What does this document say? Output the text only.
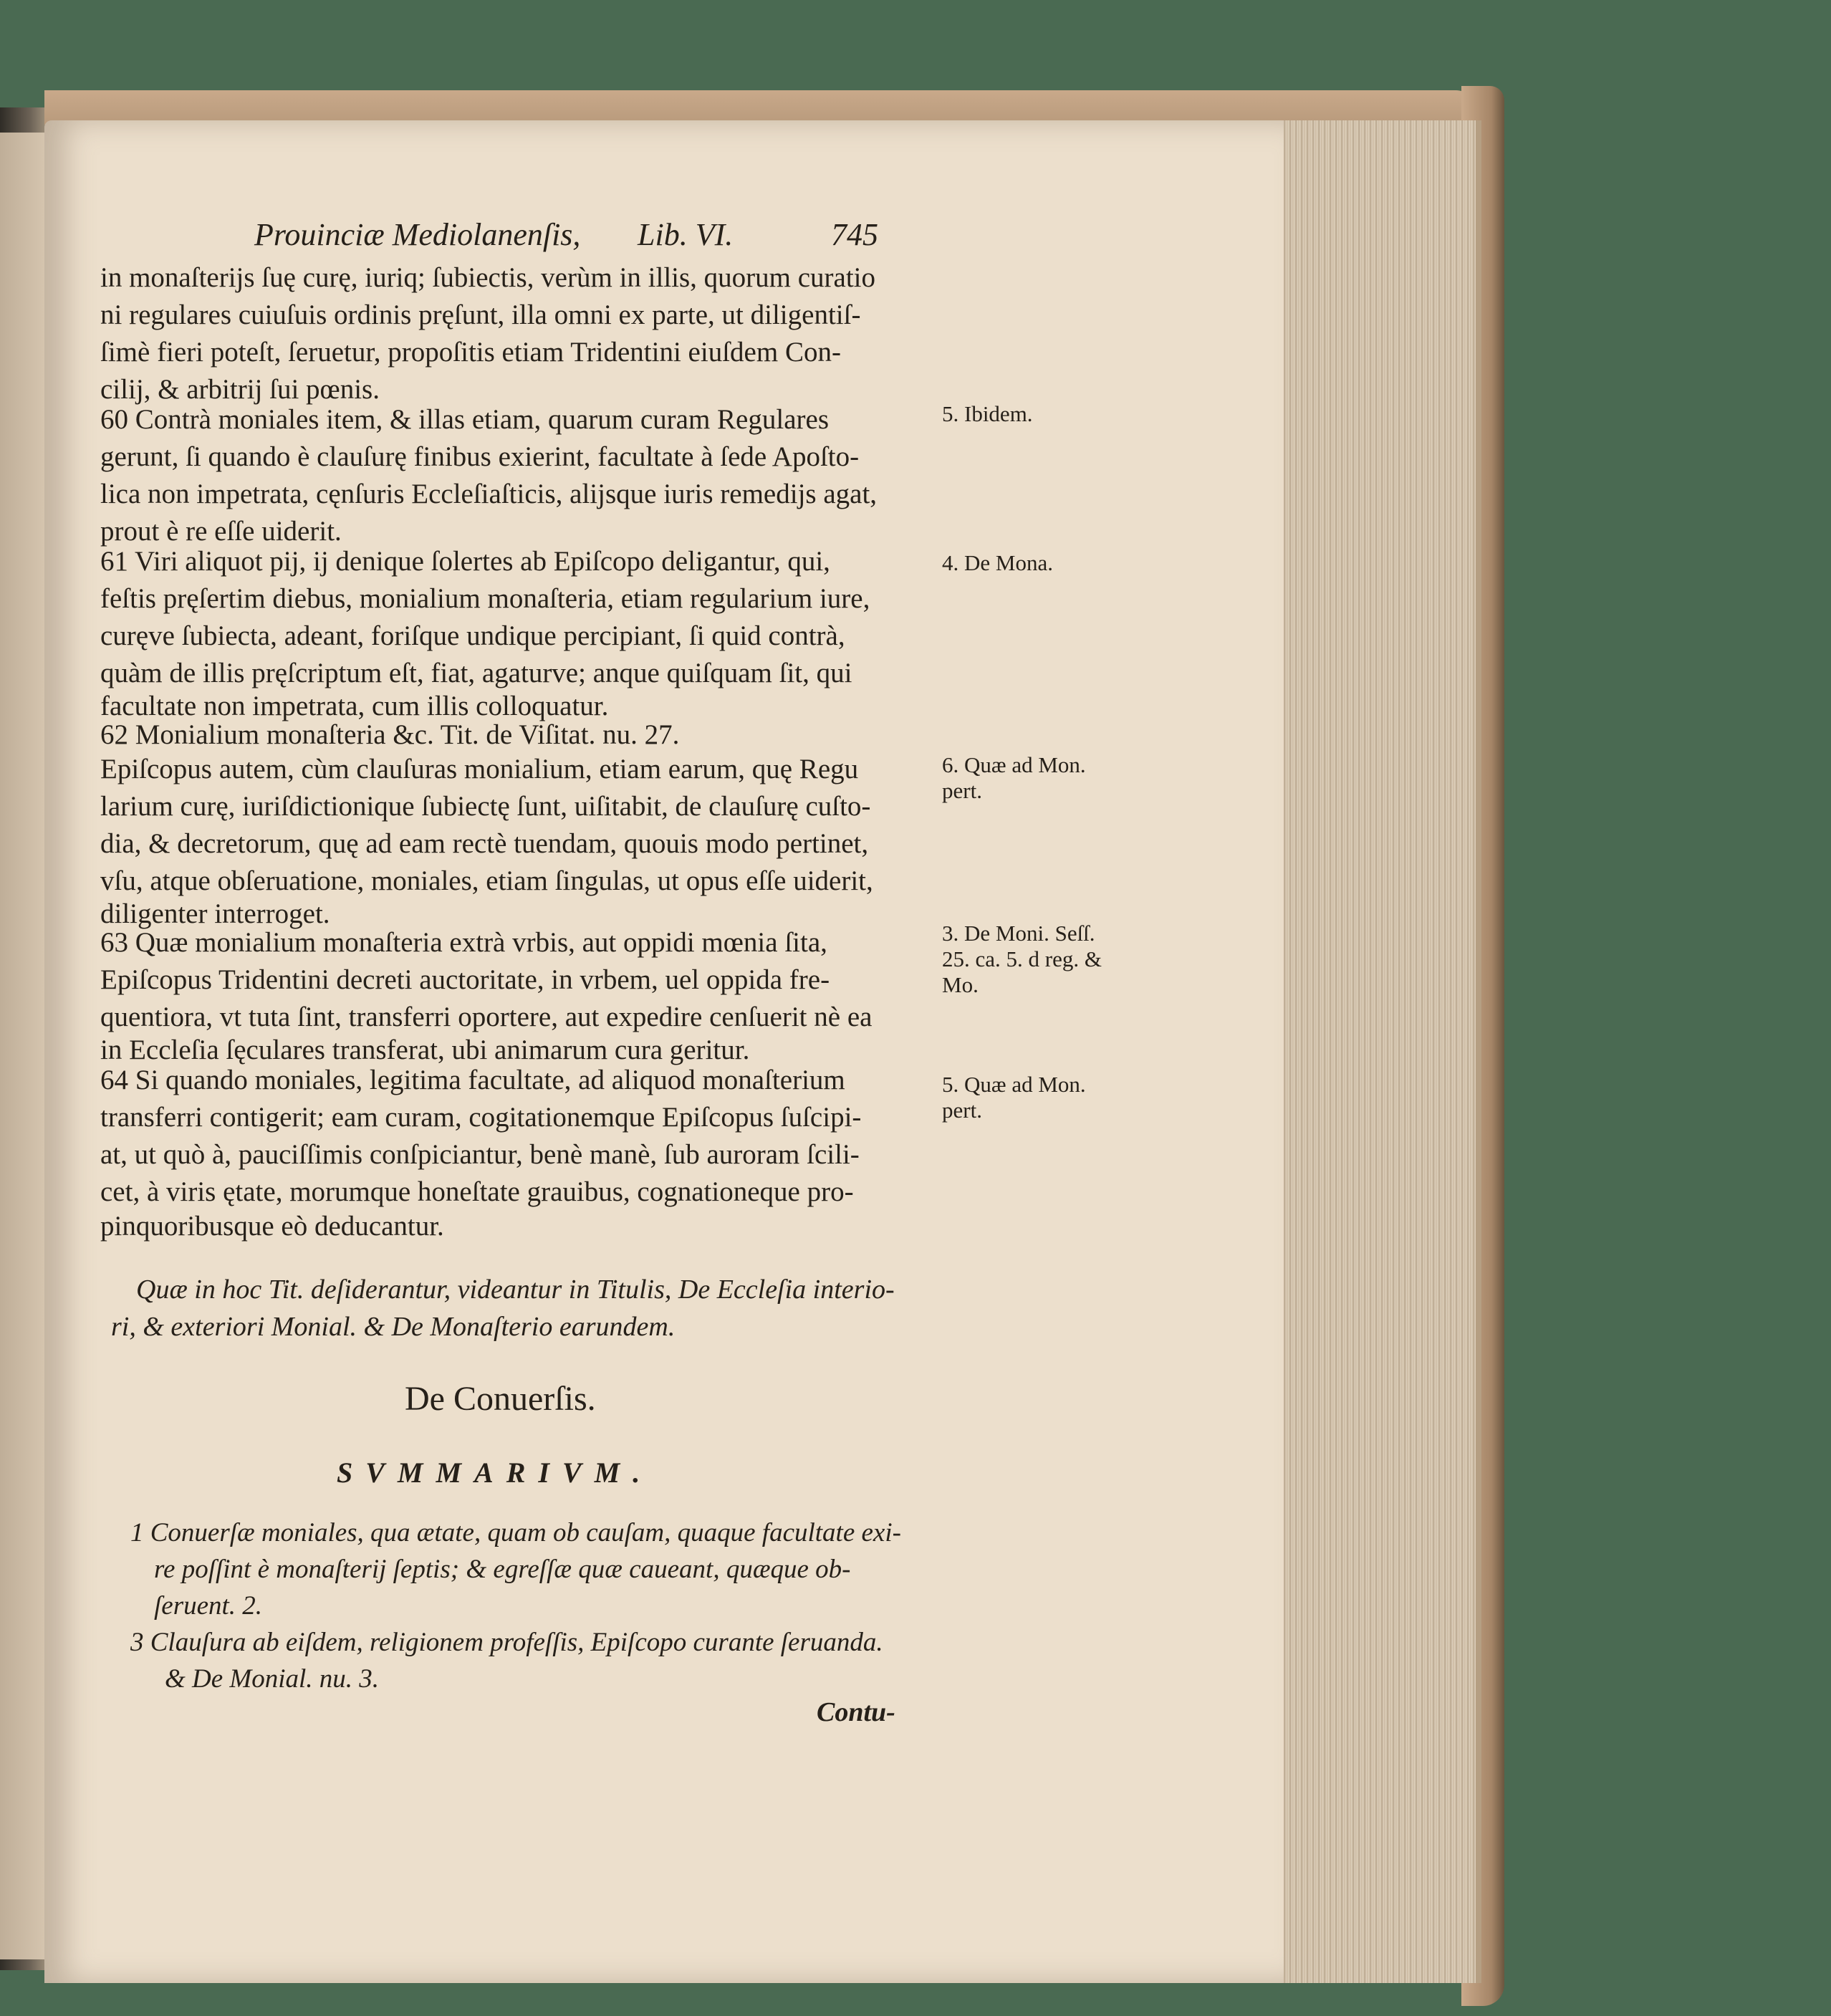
Prouinciæ Mediolanenſis, Lib. VI.	745
in monaſterijs ſuę curę, iuriq; ſubiectis, verùm in illis, quorum curatio
ni regulares cuiuſuis ordinis pręſunt, illa omni ex parte, ut diligentiſ-
ſimè fieri poteſt, ſeruetur, propoſitis etiam Tridentini eiuſdem Con-
cilij, & arbitrij ſui pœnis.
60 Contrà moniales item, & illas etiam, quarum curam Regulares
gerunt, ſi quando è clauſurę finibus exierint, facultate à ſede Apoſto-
lica non impetrata, cęnſuris Eccleſiaſticis, alijsque iuris remedijs agat,
prout è re eſſe uiderit.
61 Viri aliquot pij, ij denique ſolertes ab Epiſcopo deligantur, qui,
feſtis pręſertim diebus, monialium monaſteria, etiam regularium iure,
curęve ſubiecta, adeant, foriſque undique percipiant, ſi quid contrà,
quàm de illis pręſcriptum eſt, fiat, agaturve; anque quiſquam ſit, qui
facultate non impetrata, cum illis colloquatur.
62 Monialium monaſteria &c. Tit. de Viſitat. nu. 27.
Epiſcopus autem, cùm clauſuras monialium, etiam earum, quę Regu
larium curę, iuriſdictionique ſubiectę ſunt, uiſitabit, de clauſurę cuſto-
dia, & decretorum, quę ad eam rectè tuendam, quouis modo pertinet,
vſu, atque obſeruatione, moniales, etiam ſingulas, ut opus eſſe uiderit,
diligenter interroget.
63 Quæ monialium monaſteria extrà vrbis, aut oppidi mœnia ſita,
Epiſcopus Tridentini decreti auctoritate, in vrbem, uel oppida fre-
quentiora, vt tuta ſint, transferri oportere, aut expedire cenſuerit nè ea
in Eccleſia ſęculares transferat, ubi animarum cura geritur.
64 Si quando moniales, legitima facultate, ad aliquod monaſterium
transferri contigerit; eam curam, cogitationemque Epiſcopus ſuſcipi-
at, ut quò à, pauciſſimis conſpiciantur, benè manè, ſub auroram ſcili-
cet, à viris ętate, morumque honeſtate grauibus, cognationeque pro-
pinquoribusque eò deducantur.
5. Ibidem.
4. De Mona.
6. Quæ ad Mon. pert.
3. De Moni. Seſſ. 25. ca. 5. d reg. & Mo.
5. Quæ ad Mon. pert.
Quæ in hoc Tit. deſiderantur, videantur in Titulis, De Eccleſia interio-
ri, & exteriori Monial. & De Monaſterio earundem.
De Conuerſis.
SVMMARIVM.
1 Conuerſæ moniales, qua ætate, quam ob cauſam, quaque facultate exi-
re poſſint è monaſterij ſeptis; & egreſſæ quæ caueant, quæque ob-
ſeruent. 2.
3 Clauſura ab eiſdem, religionem profeſſis, Epiſcopo curante ſeruanda.
& De Monial. nu. 3.
Contu-
